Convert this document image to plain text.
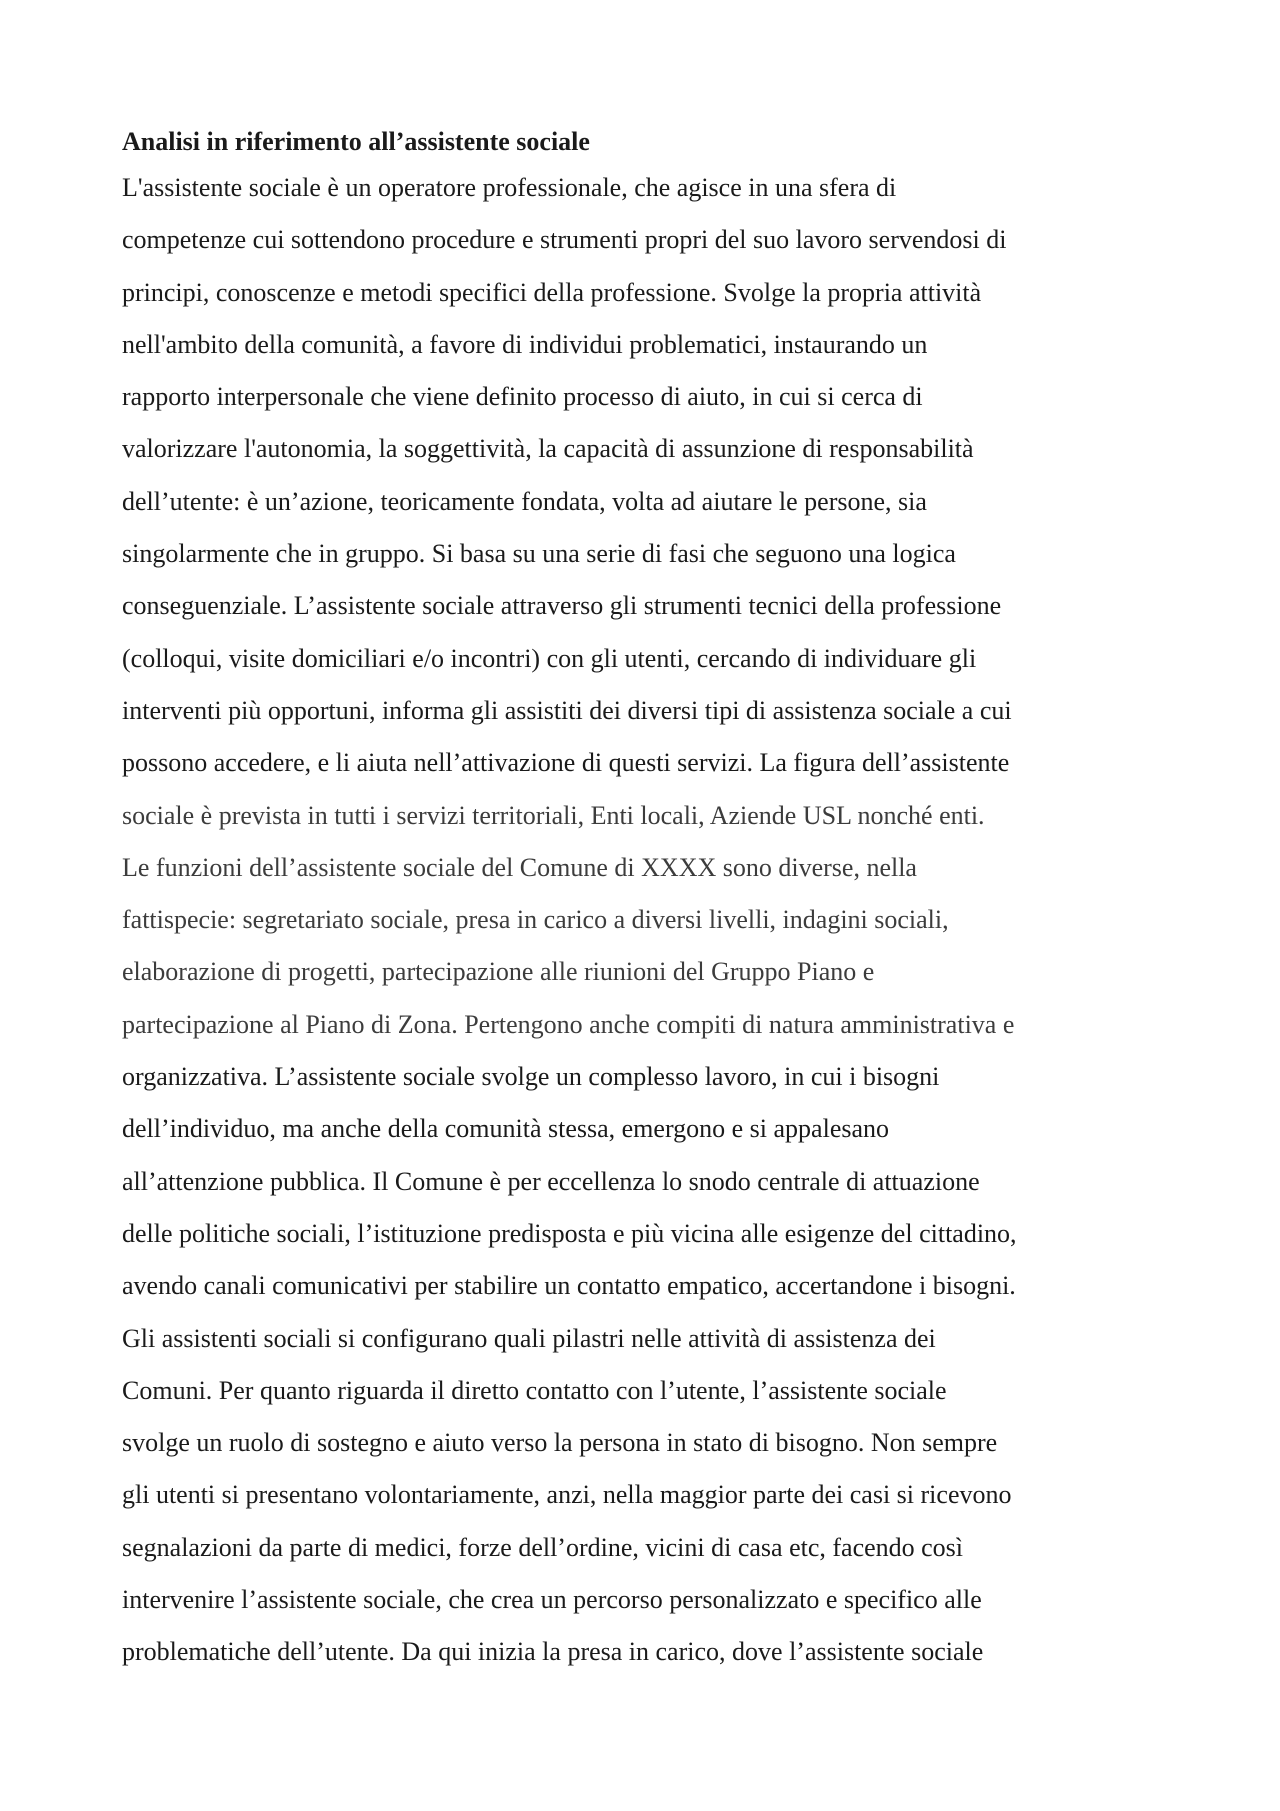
Analisi in riferimento all’assistente sociale
L'assistente sociale è un operatore professionale, che agisce in una sfera di
competenze cui sottendono procedure e strumenti propri del suo lavoro servendosi di
principi, conoscenze e metodi specifici della professione. Svolge la propria attività
nell'ambito della comunità, a favore di individui problematici, instaurando un
rapporto interpersonale che viene definito processo di aiuto, in cui si cerca di
valorizzare l'autonomia, la soggettività, la capacità di assunzione di responsabilità
dell’utente: è un’azione, teoricamente fondata, volta ad aiutare le persone, sia
singolarmente che in gruppo. Si basa su una serie di fasi che seguono una logica
conseguenziale. L’assistente sociale attraverso gli strumenti tecnici della professione
(colloqui, visite domiciliari e/o incontri) con gli utenti, cercando di individuare gli
interventi più opportuni, informa gli assistiti dei diversi tipi di assistenza sociale a cui
possono accedere, e li aiuta nell’attivazione di questi servizi. La figura dell’assistente
sociale è prevista in tutti i servizi territoriali, Enti locali, Aziende USL nonché enti.
Le funzioni dell’assistente sociale del Comune di XXXX sono diverse, nella
fattispecie: segretariato sociale, presa in carico a diversi livelli, indagini sociali,
elaborazione di progetti, partecipazione alle riunioni del Gruppo Piano e
partecipazione al Piano di Zona. Pertengono anche compiti di natura amministrativa e
organizzativa. L’assistente sociale svolge un complesso lavoro, in cui i bisogni
dell’individuo, ma anche della comunità stessa, emergono e si appalesano
all’attenzione pubblica. Il Comune è per eccellenza lo snodo centrale di attuazione
delle politiche sociali, l’istituzione predisposta e più vicina alle esigenze del cittadino,
avendo canali comunicativi per stabilire un contatto empatico, accertandone i bisogni.
Gli assistenti sociali si configurano quali pilastri nelle attività di assistenza dei
Comuni. Per quanto riguarda il diretto contatto con l’utente, l’assistente sociale
svolge un ruolo di sostegno e aiuto verso la persona in stato di bisogno. Non sempre
gli utenti si presentano volontariamente, anzi, nella maggior parte dei casi si ricevono
segnalazioni da parte di medici, forze dell’ordine, vicini di casa etc, facendo così
intervenire l’assistente sociale, che crea un percorso personalizzato e specifico alle
problematiche dell’utente. Da qui inizia la presa in carico, dove l’assistente sociale
